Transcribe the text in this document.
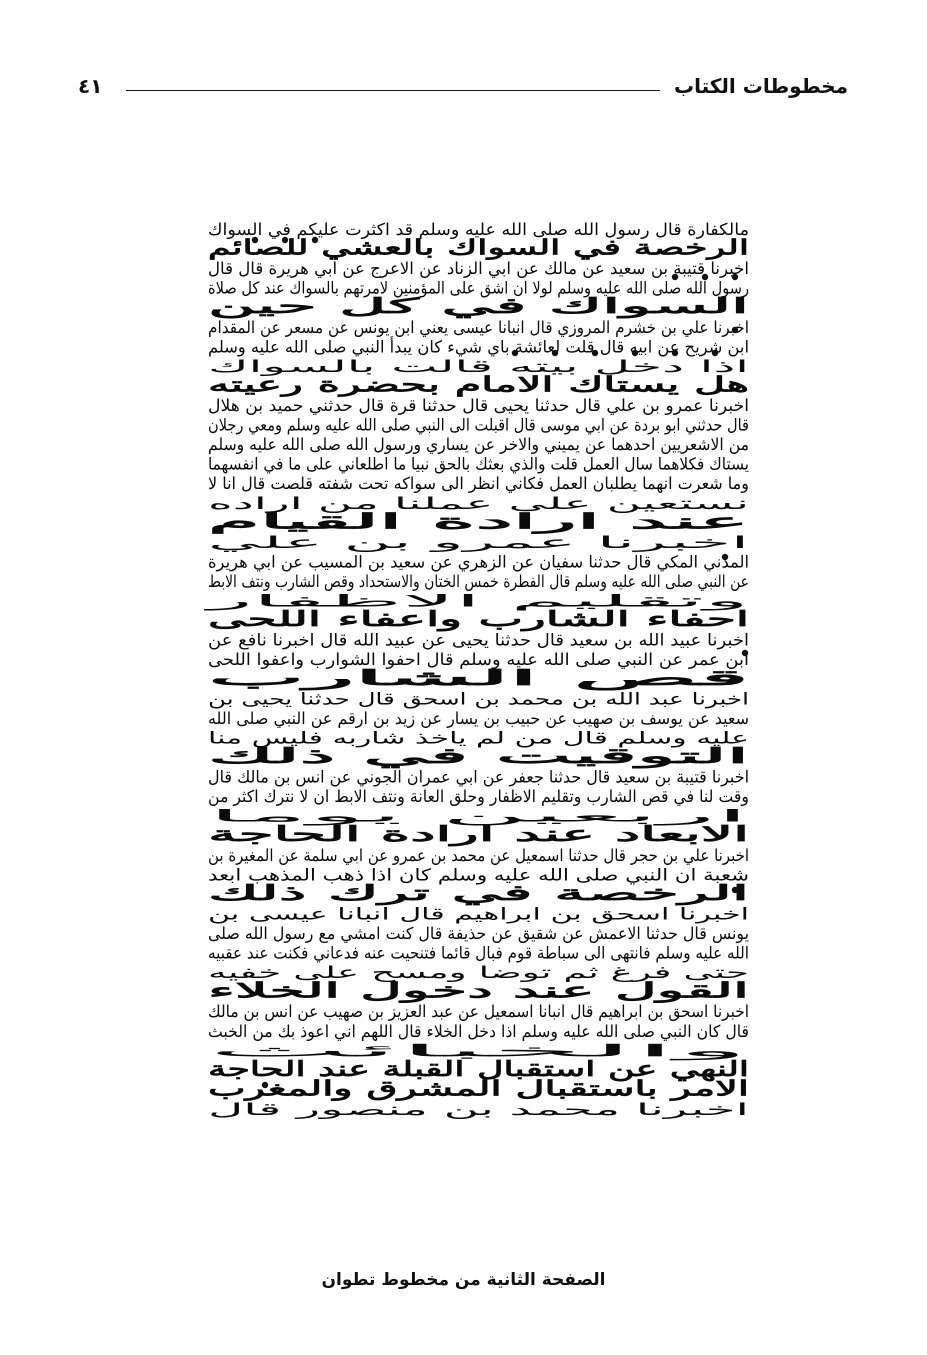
مخطوطات الكتاب
٤١
مالكفارة قال رسول الله صلى الله عليه وسلم قد اكثرت عليكم في السواك
الرخصة في السواك بالعشي للصائم
اخبرنا قتيبة بن سعيد عن مالك عن ابي الزناد عن الاعرج عن ابي هريرة قال قال
رسول الله صلى الله عليه وسلم لولا ان اشق على المؤمنين لامرتهم بالسواك عند كل صلاة
السواك في كل حين
اخبرنا علي بن خشرم المروزي قال انبانا عيسى يعني ابن يونس عن مسعر عن المقدام
ابن شريح عن ابيه قال قلت لعائشة باي شيء كان يبدأ النبي صلى الله عليه وسلم
اذا دخل بيته قالت بالسواك
هل يستاك الامام بحضرة رعيته
اخبرنا عمرو بن علي قال حدثنا يحيى قال حدثنا قرة قال حدثني حميد بن هلال
قال حدثني ابو بردة عن ابي موسى قال اقبلت الى النبي صلى الله عليه وسلم ومعي رجلان
من الاشعريين احدهما عن يميني والاخر عن يساري ورسول الله صلى الله عليه وسلم
يستاك فكلاهما سال العمل قلت والذي بعثك بالحق نبيا ما اطلعاني على ما في انفسهما
وما شعرت انهما يطلبان العمل فكاني انظر الى سواكه تحت شفته قلصت قال انا لا
نستعين على عملنا من اراده
عند ارادة القيام
اخبرنا عمرو بن علي
المدني المكي قال حدثنا سفيان عن الزهري عن سعيد بن المسيب عن ابي هريرة
عن النبي صلى الله عليه وسلم قال الفطرة خمس الختان والاستحداد وقص الشارب ونتف الابط
وتقليم الاظفار
احفاء الشارب واعفاء اللحى
اخبرنا عبيد الله بن سعيد قال حدثنا يحيى عن عبيد الله قال اخبرنا نافع عن
ابن عمر عن النبي صلى الله عليه وسلم قال احفوا الشوارب واعفوا اللحى
قص الشارب
اخبرنا عبد الله بن محمد بن اسحق قال حدثنا يحيى بن
سعيد عن يوسف بن صهيب عن حبيب بن يسار عن زيد بن ارقم عن النبي صلى الله
عليه وسلم قال من لم ياخذ شاربه فليس منا
التوقيت في ذلك
اخبرنا قتيبة بن سعيد قال حدثنا جعفر عن ابي عمران الجوني عن انس بن مالك قال
وقت لنا في قص الشارب وتقليم الاظفار وحلق العانة ونتف الابط ان لا نترك اكثر من
اربعين يوما
الابعاد عند ارادة الحاجة
اخبرنا علي بن حجر قال حدثنا اسمعيل عن محمد بن عمرو عن ابي سلمة عن المغيرة بن
شعبة ان النبي صلى الله عليه وسلم كان اذا ذهب المذهب ابعد
الرخصة في ترك ذلك
اخبرنا اسحق بن ابراهيم قال انبانا عيسى بن
يونس قال حدثنا الاعمش عن شقيق عن حذيفة قال كنت امشي مع رسول الله صلى
الله عليه وسلم فانتهى الى سباطة قوم فبال قائما فتنحيت عنه فدعاني فكنت عند عقبيه
حتى فرغ ثم توضا ومسح على خفيه
القول عند دخول الخلاء
اخبرنا اسحق بن ابراهيم قال انبانا اسمعيل عن عبد العزيز بن صهيب عن انس بن مالك
قال كان النبي صلى الله عليه وسلم اذا دخل الخلاء قال اللهم اني اعوذ بك من الخبث
والخبائث
النهي عن استقبال القبلة عند الحاجة
الامر باستقبال المشرق والمغرب
اخبرنا محمد بن منصور قال
الصفحة الثانية من مخطوط تطوان
